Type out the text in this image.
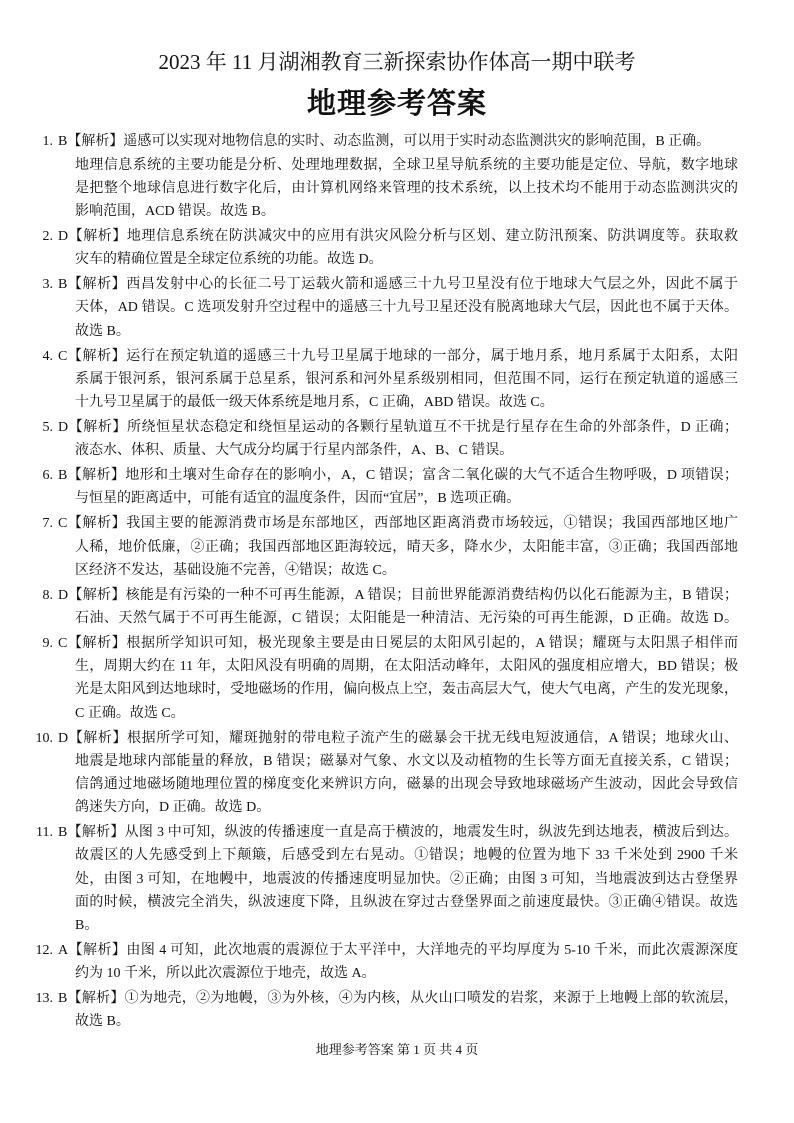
2023 年 11 月湖湘教育三新探索协作体高一期中联考
地理参考答案
1. B【解析】遥感可以实现对地物信息的实时、动态监测，可以用于实时动态监测洪灾的影响范围，B 正确。
地理信息系统的主要功能是分析、处理地理数据，全球卫星导航系统的主要功能是定位、导航，数字地球
是把整个地球信息进行数字化后，由计算机网络来管理的技术系统，以上技术均不能用于动态监测洪灾的
影响范围，ACD 错误。故选 B。
2. D【解析】地理信息系统在防洪减灾中的应用有洪灾风险分析与区划、建立防汛预案、防洪调度等。获取救
灾车的精确位置是全球定位系统的功能。故选 D。
3. B【解析】西昌发射中心的长征二号丁运载火箭和遥感三十九号卫星没有位于地球大气层之外，因此不属于
天体，AD 错误。C 选项发射升空过程中的遥感三十九号卫星还没有脱离地球大气层，因此也不属于天体。
故选 B。
4. C【解析】运行在预定轨道的遥感三十九号卫星属于地球的一部分，属于地月系，地月系属于太阳系，太阳
系属于银河系，银河系属于总星系，银河系和河外星系级别相同，但范围不同，运行在预定轨道的遥感三
十九号卫星属于的最低一级天体系统是地月系，C 正确，ABD 错误。故选 C。
5. D【解析】所绕恒星状态稳定和绕恒星运动的各颗行星轨道互不干扰是行星存在生命的外部条件，D 正确；
液态水、体积、质量、大气成分均属于行星内部条件，A、B、C 错误。
6. B【解析】地形和土壤对生命存在的影响小，A，C 错误；富含二氧化碳的大气不适合生物呼吸，D 项错误；
与恒星的距离适中，可能有适宜的温度条件，因而“宜居”，B 选项正确。
7. C【解析】我国主要的能源消费市场是东部地区，西部地区距离消费市场较远，①错误；我国西部地区地广
人稀，地价低廉，②正确；我国西部地区距海较远，晴天多，降水少，太阳能丰富，③正确；我国西部地
区经济不发达，基础设施不完善，④错误；故选 C。
8. D【解析】核能是有污染的一种不可再生能源，A 错误；目前世界能源消费结构仍以化石能源为主，B 错误；
石油、天然气属于不可再生能源，C 错误；太阳能是一种清洁、无污染的可再生能源，D 正确。故选 D。
9. C【解析】根据所学知识可知，极光现象主要是由日冕层的太阳风引起的，A 错误；耀斑与太阳黑子相伴而
生，周期大约在 11 年，太阳风没有明确的周期，在太阳活动峰年，太阳风的强度相应增大，BD 错误；极
光是太阳风到达地球时，受地磁场的作用，偏向极点上空，轰击高层大气，使大气电离，产生的发光现象，
C 正确。故选 C。
10. D【解析】根据所学可知，耀斑抛射的带电粒子流产生的磁暴会干扰无线电短波通信，A 错误；地球火山、
地震是地球内部能量的释放，B 错误；磁暴对气象、水文以及动植物的生长等方面无直接关系，C 错误；
信鸽通过地磁场随地理位置的梯度变化来辨识方向，磁暴的出现会导致地球磁场产生波动，因此会导致信
鸽迷失方向，D 正确。故选 D。
11. B【解析】从图 3 中可知，纵波的传播速度一直是高于横波的，地震发生时，纵波先到达地表，横波后到达。
故震区的人先感受到上下颠簸，后感受到左右晃动。①错误；地幔的位置为地下 33 千米处到 2900 千米
处，由图 3 可知，在地幔中，地震波的传播速度明显加快。②正确；由图 3 可知，当地震波到达古登堡界
面的时候，横波完全消失，纵波速度下降，且纵波在穿过古登堡界面之前速度最快。③正确④错误。故选
B。
12. A【解析】由图 4 可知，此次地震的震源位于太平洋中，大洋地壳的平均厚度为 5-10 千米，而此次震源深度
约为 10 千米，所以此次震源位于地壳，故选 A。
13. B【解析】①为地壳，②为地幔，③为外核，④为内核，从火山口喷发的岩浆，来源于上地幔上部的软流层，
故选 B。
地理参考答案 第 1 页 共 4 页
